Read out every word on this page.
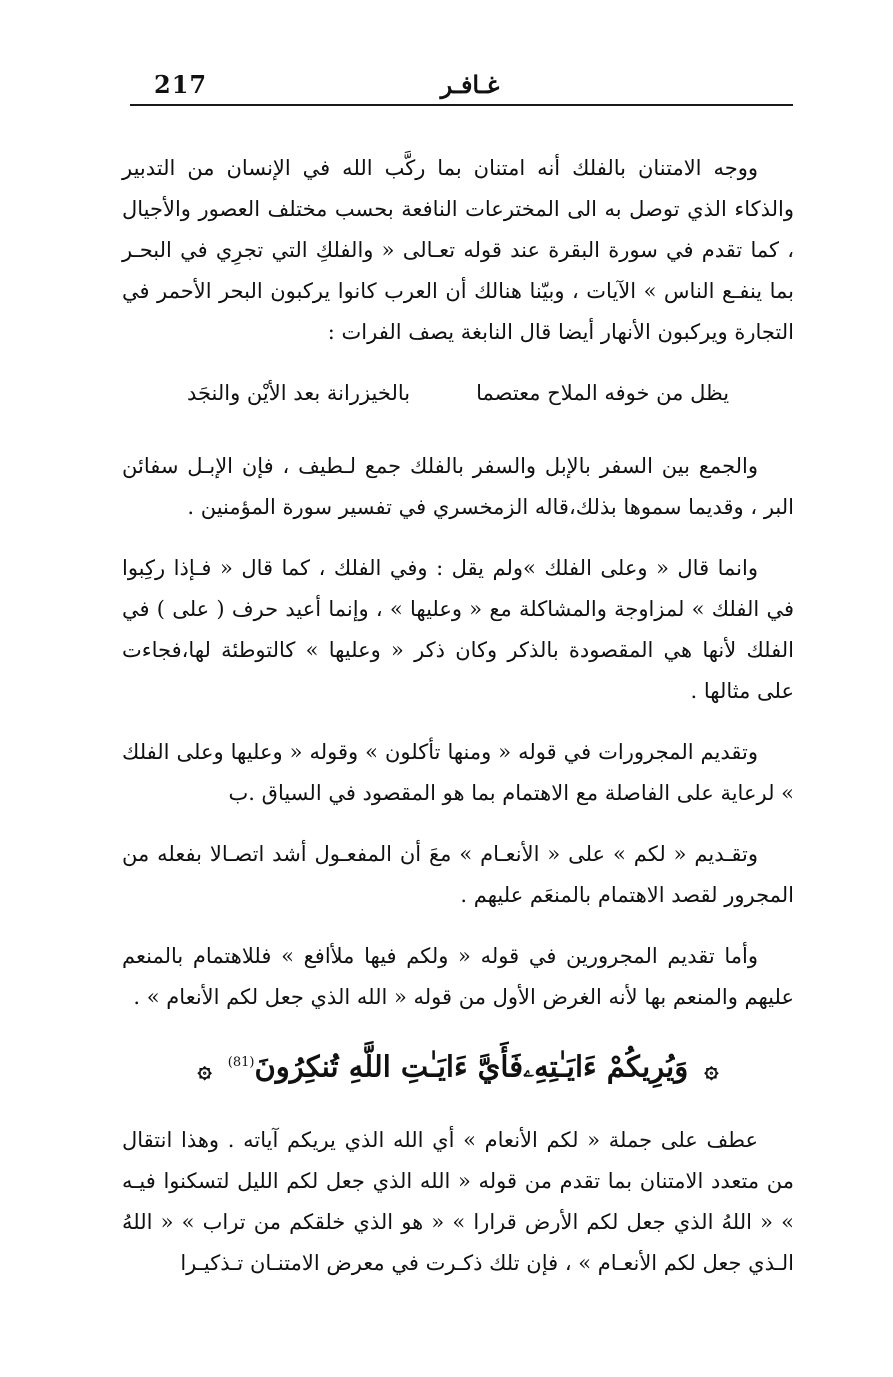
217	غـافـر

ووجه الامتنان بالفلك أنه امتنان بما ركَّب الله في الإنسان من التدبير والذكاء الذي توصل به الى المخترعات النافعة بحسب مختلف العصور والأجيال ، كما تقدم في سورة البقرة عند قوله تعـالى « والفلكِ التي تجرِي في البحـر بما ينفـع الناس » الآيات ، وبيّنا هنالك أن العرب كانوا يركبون البحر الأحمر في التجارة ويركبون الأنهار أيضا قال النابغة يصف الفرات :

يظل من خوفه الملاح معتصما
بالخيزرانة بعد الأيْن والنجَد

والجمع بين السفر بالإبل والسفر بالفلك جمع لـطيف ، فإن الإبـل سفائن البر ، وقديما سموها بذلك،قاله الزمخسري في تفسير سورة المؤمنين .

وانما قال « وعلى الفلك »ولم يقل : وفي الفلك ، كما قال « فـإذا ركِبوا في الفلك » لمزاوجة والمشاكلة مع « وعليها » ، وإنما أعيد حرف ( على ) في الفلك لأنها هي المقصودة بالذكر وكان ذكر « وعليها » كالتوطئة لها،فجاءت على مثالها .

وتقديم المجرورات في قوله « ومنها تأكلون » وقوله « وعليها وعلى الفلك » لرعاية على الفاصلة مع الاهتمام بما هو المقصود في السياق .ب

وتقـديم « لكم » على « الأنعـام » معَ أن المفعـول أشد اتصـالا بفعله من المجرور لقصد الاهتمام بالمنعَم عليهم .

وأما تقديم المجرورين في قوله « ولكم فيها ملأافع » فللاهتمام بالمنعم عليهم والمنعم بها لأنه الغرض الأول من قوله « الله الذي جعل لكم الأنعام » .

۞ وَيُرِيكُمْ ءَايَـٰتِهِۦفَأَيَّ ءَايَـٰتِ اللَّهِ تُنكِرُونَ$^{(81)}$ ۞

عطف على جملة « لكم الأنعام » أي الله الذي يريكم آياته . وهذا انتقال من متعدد الامتنان بما تقدم من قوله « الله الذي جعل لكم الليل لتسكنوا فيـه » « اللهُ الذي جعل لكم الأرض قرارا » « هو الذي خلقكم من تراب » « اللهُ الـذي جعل لكم الأنعـام » ، فإن تلك ذكـرت في معرض الامتنـان تـذكيـرا
